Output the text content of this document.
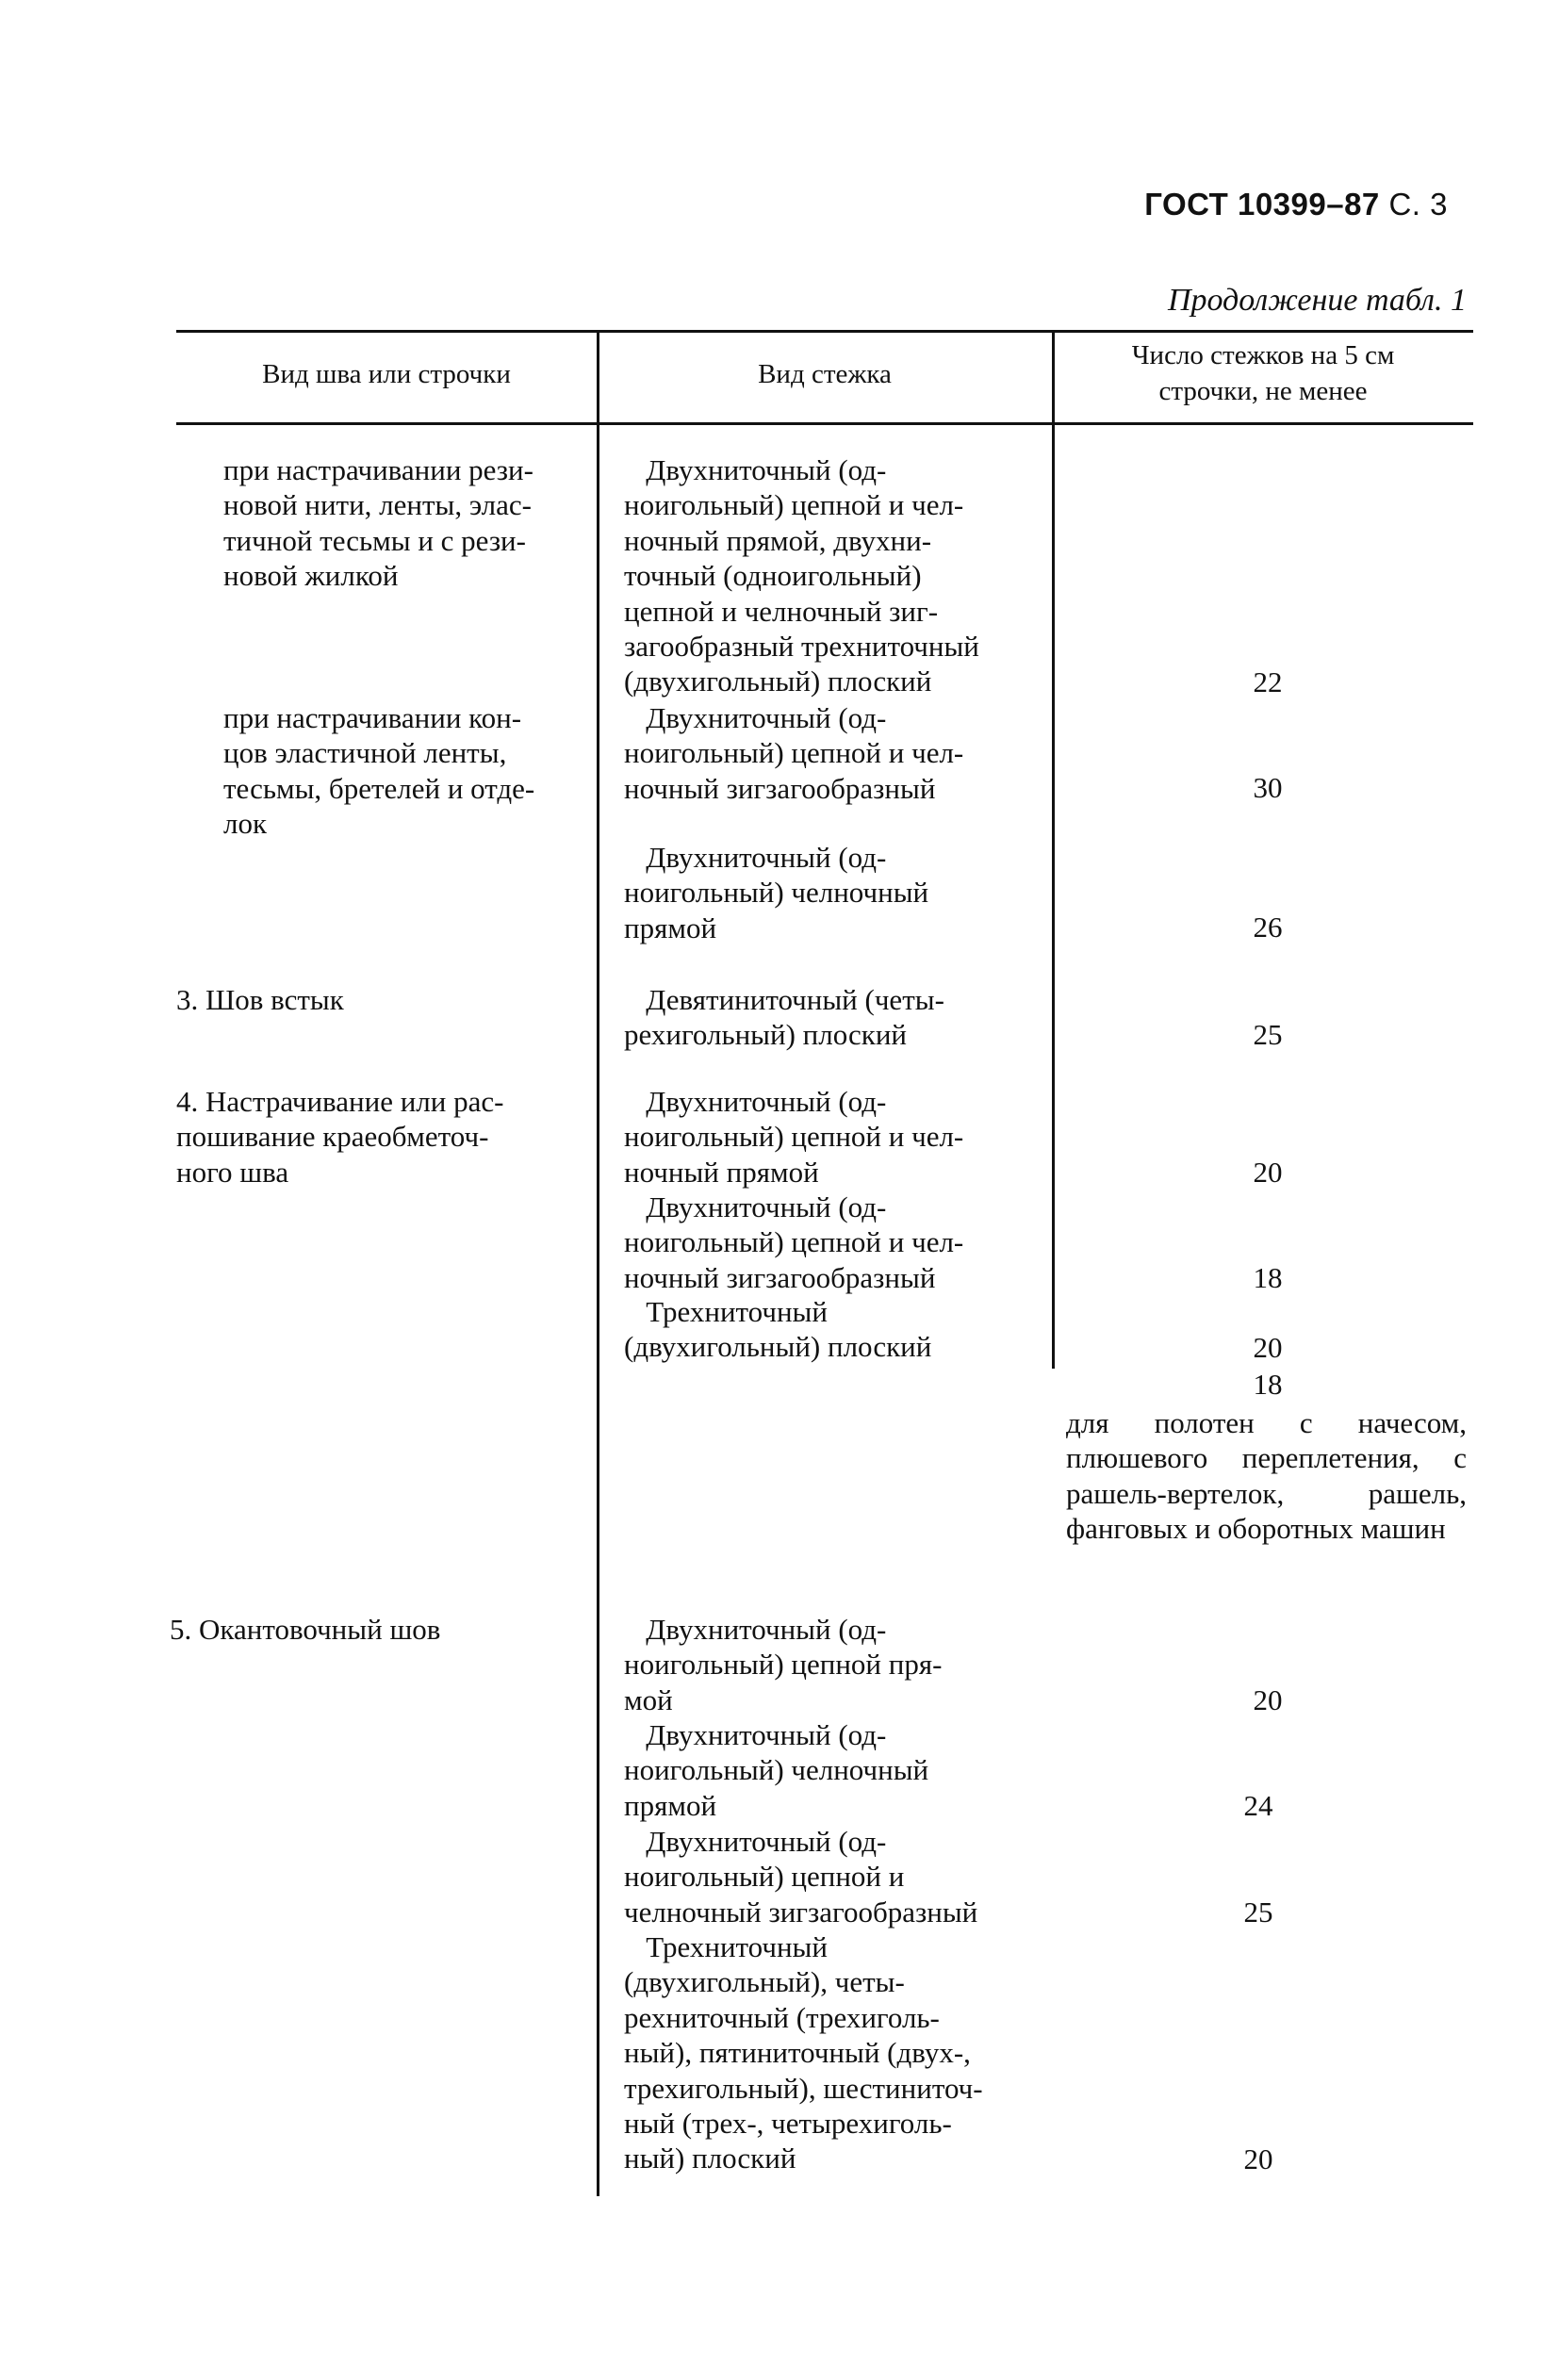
ГОСТ 10399–87 С. 3
Продолжение табл. 1
Вид шва или строчки	Вид стежка
Число стежков на 5 см
строчки, не менее
при настрачивании рези-
новой нити, ленты, элас-
тичной тесьмы и с рези-
новой жилкой
при настрачивании кон-
цов эластичной ленты,
тесьмы, бретелей и отде-
лок
3. Шов встык
4. Настрачивание или рас-
пошивание краеобметоч-
ного шва
5. Окантовочный шов
Двухниточный (од-
ноигольный) цепной и чел-
ночный прямой, двухни-
точный (одноигольный)
цепной и челночный зиг-
загообразный трехниточный
(двухигольный) плоский
Двухниточный (од-
ноигольный) цепной и чел-
ночный зигзагообразный
Двухниточный (од-
ноигольный) челночный
прямой
Девятиниточный (четы-
рехигольный) плоский
Двухниточный (од-
ноигольный) цепной и чел-
ночный прямой
Двухниточный (од-
ноигольный) цепной и чел-
ночный зигзагообразный
Трехниточный
(двухигольный) плоский
Двухниточный (од-
ноигольный) цепной пря-
мой
Двухниточный (од-
ноигольный) челночный
прямой
Двухниточный (од-
ноигольный) цепной и
челночный зигзагообразный
Трехниточный
(двухигольный), четы-
рехниточный (трехиголь-
ный), пятиниточный (двух-,
трехигольный), шестиниточ-
ный (трех-, четырехиголь-
ный) плоский
22
30
26
25
20
18
20
18
для полотен с начесом, плюшевого переплетения, с рашель-вертелок, рашель, фанговых и оборотных машин
20
24
25
20
